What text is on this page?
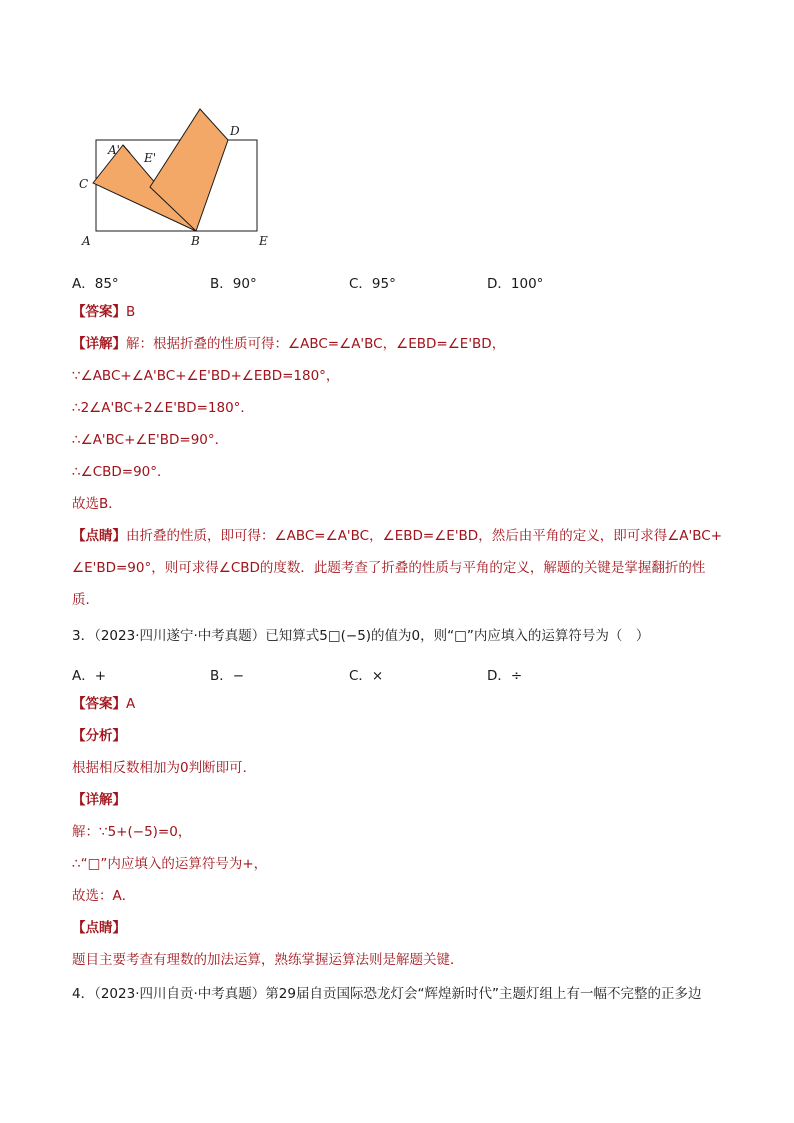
A	B
C
D
E
A'
E'
A．85°	B．90°	C．95°	D．100°
【答案】B
【详解】解：根据折叠的性质可得：∠ABC=∠A'BC，∠EBD=∠E'BD，
∵∠ABC+∠A'BC+∠E'BD+∠EBD=180°，
∴2∠A'BC+2∠E'BD=180°．
∴∠A'BC+∠E'BD=90°．
∴∠CBD=90°．
故选B．
【点睛】由折叠的性质，即可得：∠ABC=∠A'BC，∠EBD=∠E'BD，然后由平角的定义，即可求得∠A'BC+
∠E'BD=90°，则可求得∠CBD的度数．此题考查了折叠的性质与平角的定义，解题的关键是掌握翻折的性
质．
3．（2023·四川遂宁·中考真题）已知算式5□(−5)的值为0，则“□”内应填入的运算符号为（　）
A．+	B．−	C．×	D．÷
【答案】A
【分析】
根据相反数相加为0判断即可．
【详解】
解：∵5+(−5)=0，
∴“□”内应填入的运算符号为+，
故选：A．
【点睛】
题目主要考查有理数的加法运算，熟练掌握运算法则是解题关键．
4．（2023·四川自贡·中考真题）第29届自贡国际恐龙灯会“辉煌新时代”主题灯组上有一幅不完整的正多边
